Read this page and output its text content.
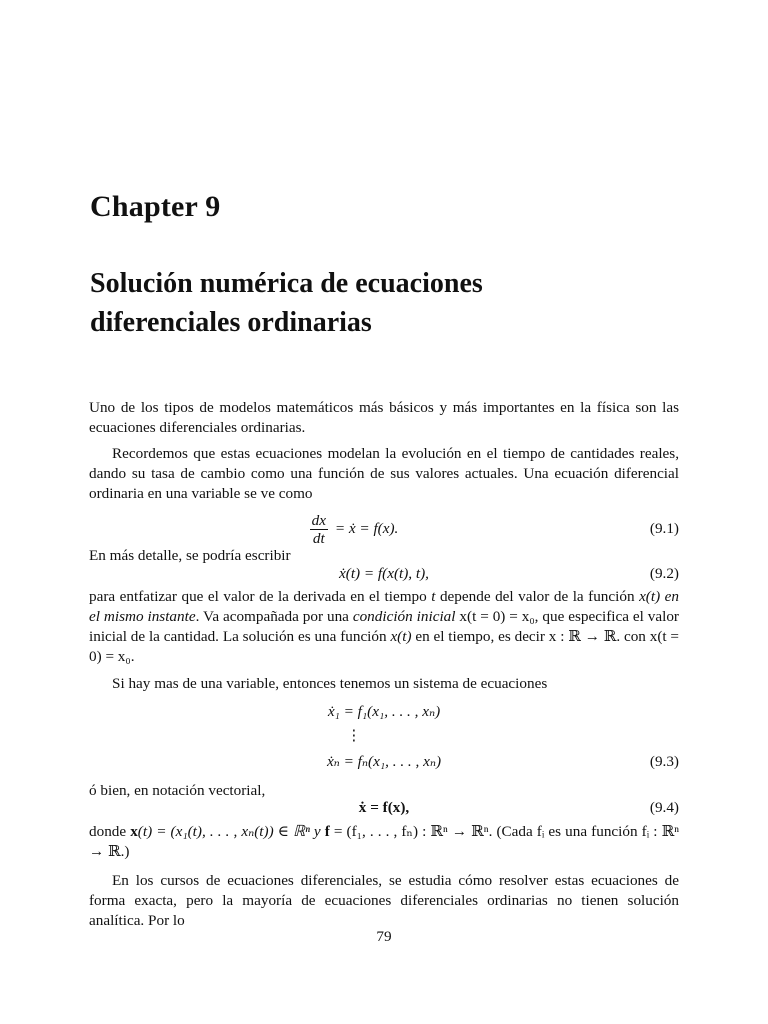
Chapter 9
Solución numérica de ecuaciones
diferenciales ordinarias

Uno de los tipos de modelos matemáticos más básicos y más importantes en la física son las ecuaciones diferenciales ordinarias.

Recordemos que estas ecuaciones modelan la evolución en el tiempo de cantidades reales, dando su tasa de cambio como una función de sus valores actuales. Una ecuación diferencial ordinaria en una variable se ve como

$\frac{dx}{dt}$ = ẋ = f(x).	(9.1)

En más detalle, se podría escribir

ẋ(t) = f(x(t), t),	(9.2)

para entfatizar que el valor de la derivada en el tiempo t depende del valor de la función x(t) en el mismo instante. Va acompañada por una condición inicial x(t = 0) = x₀, que especifica el valor inicial de la cantidad. La solución es una función x(t) en el tiempo, es decir x : ℝ → ℝ. con x(t = 0) = x₀.

Si hay mas de una variable, entonces tenemos un sistema de ecuaciones

ẋ₁ = f₁(x₁, . . . , xₙ)
⋮
ẋₙ = fₙ(x₁, . . . , xₙ)	(9.3)

ó bien, en notación vectorial,

ẋ = f(x),	(9.4)

donde x(t) = (x₁(t), . . . , xₙ(t)) ∈ ℝⁿ y f = (f₁, . . . , fₙ) : ℝⁿ → ℝⁿ. (Cada fᵢ es una función fᵢ : ℝⁿ → ℝ.)

En los cursos de ecuaciones diferenciales, se estudia cómo resolver estas ecuaciones de forma exacta, pero la mayoría de ecuaciones diferenciales ordinarias no tienen solución analítica. Por lo

79
